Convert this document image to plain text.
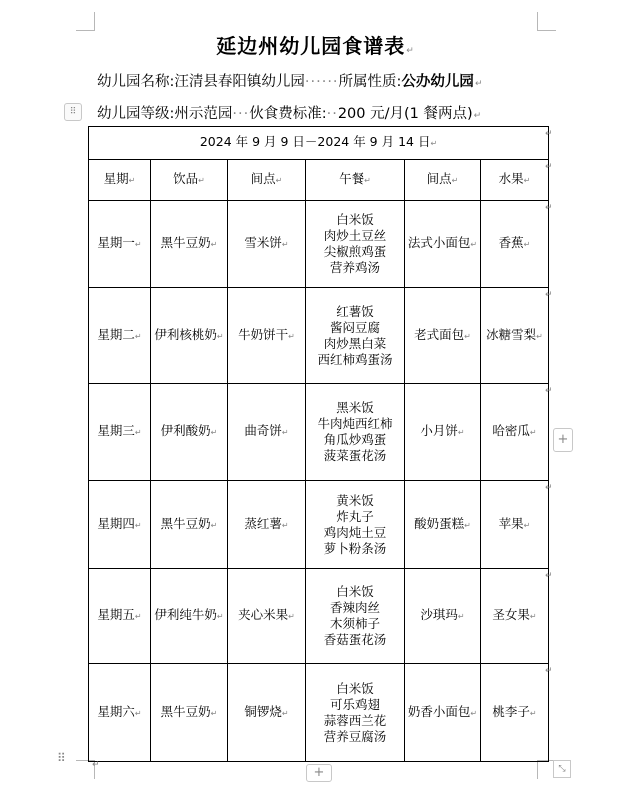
延边州幼儿园食谱表↵
幼儿园名称:汪清县春阳镇幼儿园······所属性质:公办幼儿园↵
⠿	幼儿园等级:州示范园···伙食费标准:··200 元/月(1 餐两点)↵
2024 年 9 月 9 日－2024 年 9 月 14 日↵					
星期↵	饮品↵	间点↵	午餐↵	间点↵	水果↵
星期一↵	黑牛豆奶↵	雪米饼↵	白米饭
肉炒土豆丝
尖椒煎鸡蛋
营养鸡汤	法式小面包↵	香蕉↵
星期二↵	伊利核桃奶↵	牛奶饼干↵	红薯饭
酱闷豆腐
肉炒黑白菜
西红柿鸡蛋汤	老式面包↵	冰糖雪梨↵
星期三↵	伊利酸奶↵	曲奇饼↵	黑米饭
牛肉炖西红柿
角瓜炒鸡蛋
菠菜蛋花汤	小月饼↵	哈密瓜↵
星期四↵	黑牛豆奶↵	蒸红薯↵	黄米饭
炸丸子
鸡肉炖土豆
萝卜粉条汤	酸奶蛋糕↵	苹果↵
星期五↵	伊利纯牛奶↵	夹心米果↵	白米饭
香辣肉丝
木须柿子
香菇蛋花汤	沙琪玛↵	圣女果↵
星期六↵	黑牛豆奶↵	铜锣烧↵	白米饭
可乐鸡翅
蒜蓉西兰花
营养豆腐汤	奶香小面包↵	桃李子↵
+
⠿	↵	+	⤡
↵
↵
↵
↵
↵
↵
↵
↵
